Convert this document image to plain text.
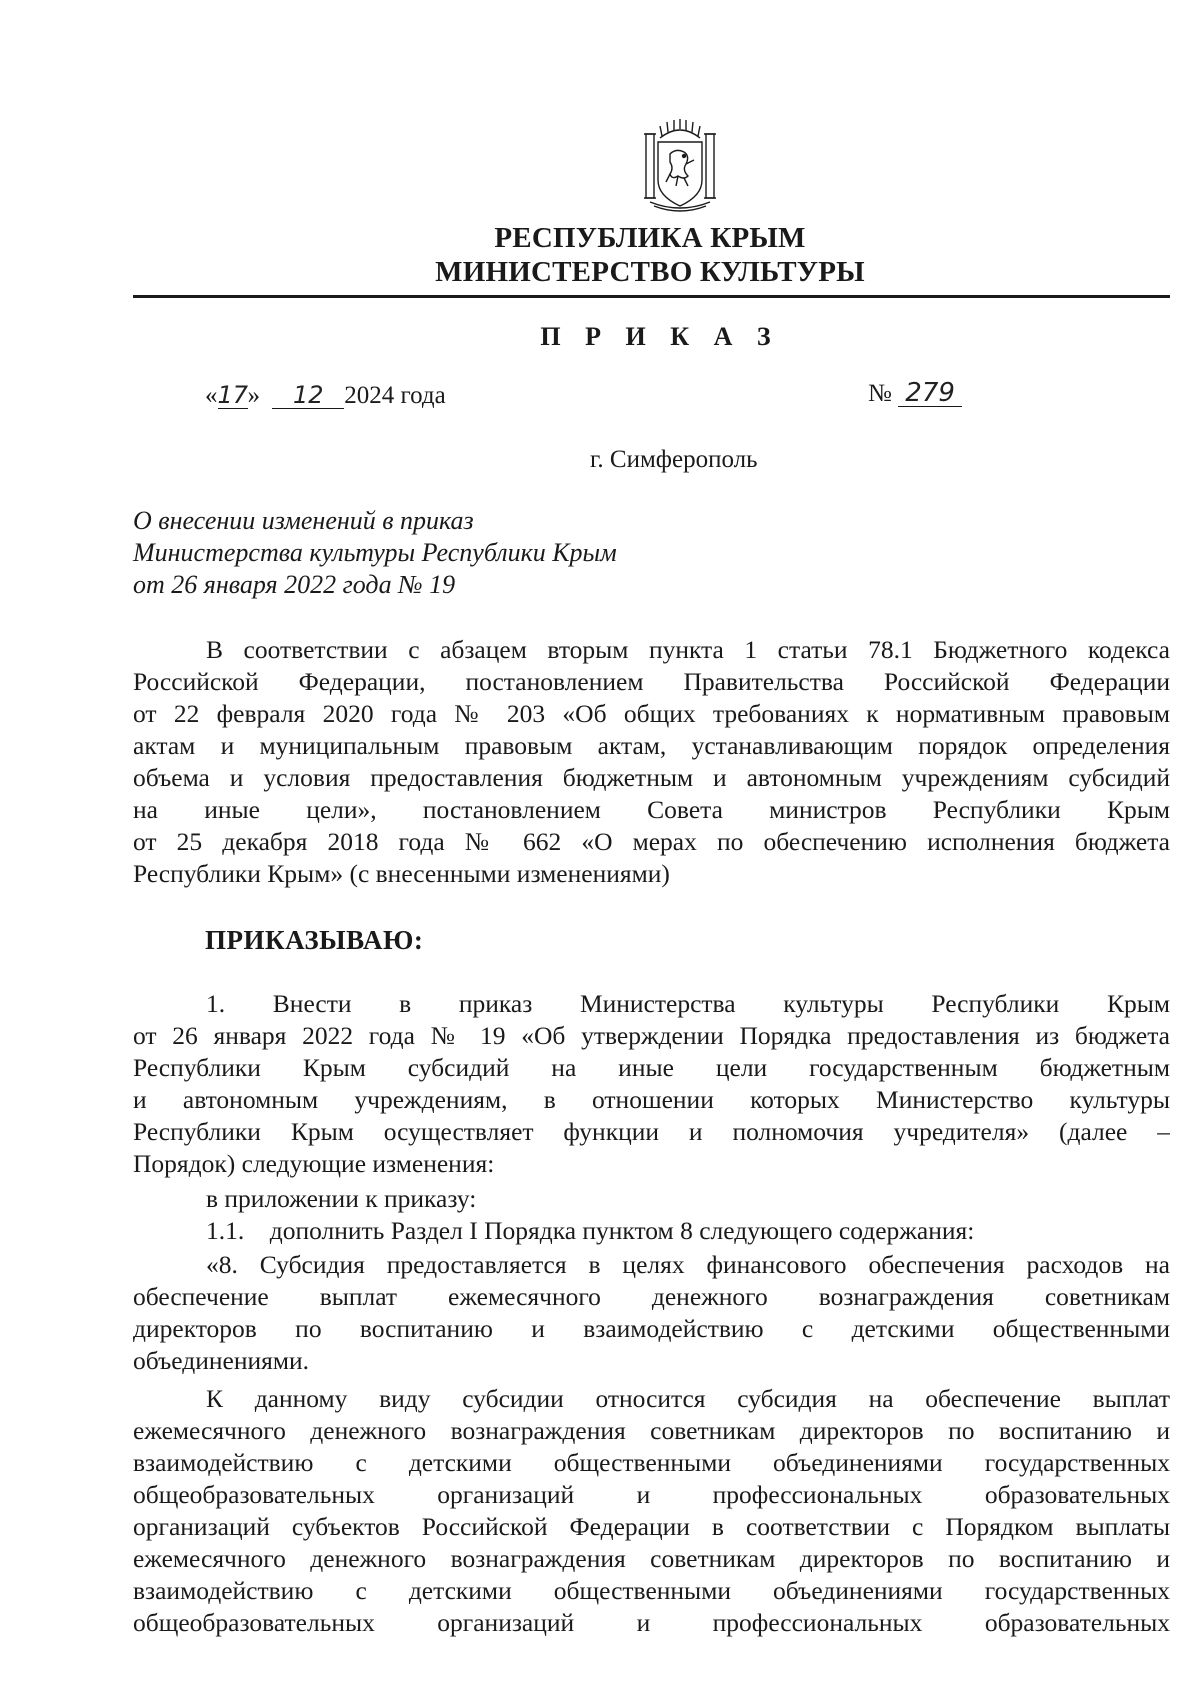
РЕСПУБЛИКА КРЫМ
МИНИСТЕРСТВО КУЛЬТУРЫ
П Р И К А З
«17» 12 2024 года	№ 279
г. Симферополь
О внесении изменений в приказ
Министерства культуры Республики Крым
от 26 января 2022 года № 19
В соответствии с абзацем вторым пункта 1 статьи 78.1 Бюджетного кодекса
Российской Федерации, постановлением Правительства Российской Федерации
от 22 февраля 2020 года № 203 «Об общих требованиях к нормативным правовым
актам и муниципальным правовым актам, устанавливающим порядок определения
объема и условия предоставления бюджетным и автономным учреждениям субсидий
на иные цели», постановлением Совета министров Республики Крым
от 25 декабря 2018 года № 662 «О мерах по обеспечению исполнения бюджета
Республики Крым» (с внесенными изменениями)
ПРИКАЗЫВАЮ:
1. Внести в приказ Министерства культуры Республики Крым
от 26 января 2022 года № 19 «Об утверждении Порядка предоставления из бюджета
Республики Крым субсидий на иные цели государственным бюджетным
и автономным учреждениям, в отношении которых Министерство культуры
Республики Крым осуществляет функции и полномочия учредителя» (далее –
Порядок) следующие изменения:
в приложении к приказу:
1.1.    дополнить Раздел I Порядка пунктом 8 следующего содержания:
«8. Субсидия предоставляется в целях финансового обеспечения расходов на
обеспечение выплат ежемесячного денежного вознаграждения советникам
директоров по воспитанию и взаимодействию с детскими общественными
объединениями.
К данному виду субсидии относится субсидия на обеспечение выплат
ежемесячного денежного вознаграждения советникам директоров по воспитанию и
взаимодействию с детскими общественными объединениями государственных
общеобразовательных организаций и профессиональных образовательных
организаций субъектов Российской Федерации в соответствии с Порядком выплаты
ежемесячного денежного вознаграждения советникам директоров по воспитанию и
взаимодействию с детскими общественными объединениями государственных
общеобразовательных организаций и профессиональных образовательных
